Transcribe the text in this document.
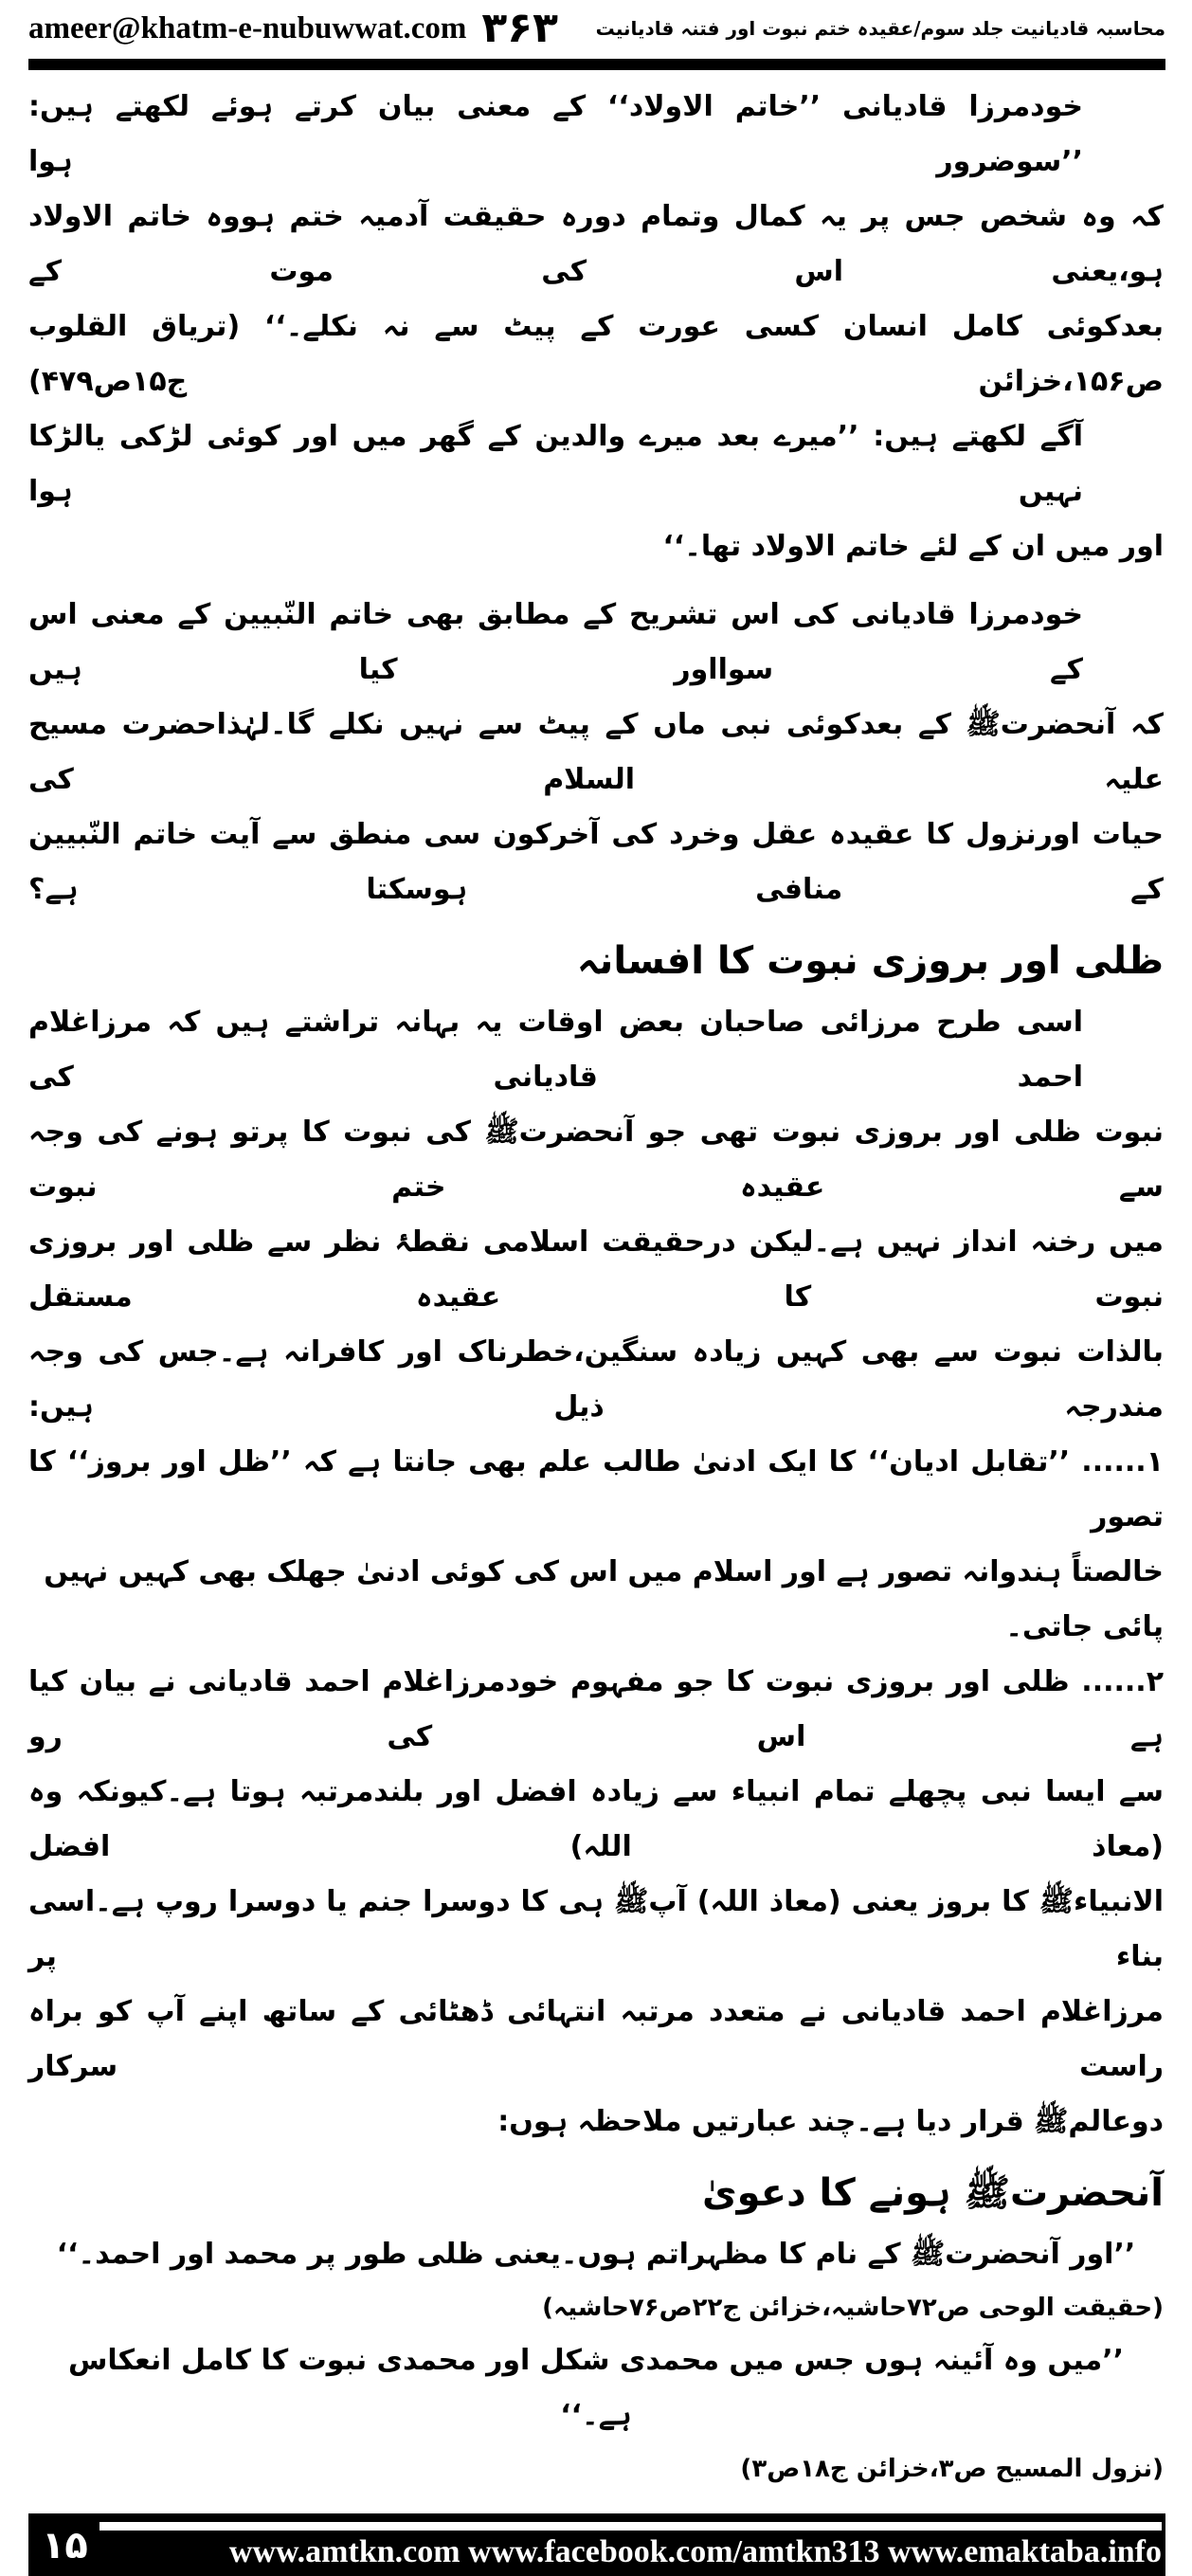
ameer@khatm-e-nubuwwat.com ۳۶۳	محاسبہ قادیانیت جلد سوم/عقیدہ ختم نبوت اور فتنہ قادیانیت
خودمرزا قادیانی ’’خاتم الاولاد‘‘ کے معنی بیان کرتے ہوئے لکھتے ہیں: ’’سوضرور ہوا
کہ وہ شخص جس پر یہ کمال وتمام دورہ حقیقت آدمیہ ختم ہووہ خاتم الاولاد ہو،یعنی اس کی موت کے
بعدکوئی کامل انسان کسی عورت کے پیٹ سے نہ نکلے۔‘‘ (تریاق القلوب ص۱۵۶،خزائن ج۱۵ص۴۷۹)
آگے لکھتے ہیں: ’’میرے بعد میرے والدین کے گھر میں اور کوئی لڑکی یالڑکا نہیں ہوا
اور میں ان کے لئے خاتم الاولاد تھا۔‘‘
خودمرزا قادیانی کی اس تشریح کے مطابق بھی خاتم النّبیین کے معنی اس کے سوااور کیا ہیں
کہ آنحضرتﷺ کے بعدکوئی نبی ماں کے پیٹ سے نہیں نکلے گا۔لہٰذاحضرت مسیح علیہ السلام کی
حیات اورنزول کا عقیدہ عقل وخرد کی آخرکون سی منطق سے آیت خاتم النّبیین کے منافی ہوسکتا ہے؟
ظلی اور بروزی نبوت کا افسانہ
اسی طرح مرزائی صاحبان بعض اوقات یہ بہانہ تراشتے ہیں کہ مرزاغلام احمد قادیانی کی
نبوت ظلی اور بروزی نبوت تھی جو آنحضرتﷺ کی نبوت کا پرتو ہونے کی وجہ سے عقیدہ ختم نبوت
میں رخنہ انداز نہیں ہے۔لیکن درحقیقت اسلامی نقطۂ نظر سے ظلی اور بروزی نبوت کا عقیدہ مستقل
بالذات نبوت سے بھی کہیں زیادہ سنگین،خطرناک اور کافرانہ ہے۔جس کی وجہ مندرجہ ذیل ہیں:
۱...... ’’تقابل ادیان‘‘ کا ایک ادنیٰ طالب علم بھی جانتا ہے کہ ’’ظل اور بروز‘‘ کا تصور
خالصتاً ہندوانہ تصور ہے اور اسلام میں اس کی کوئی ادنیٰ جھلک بھی کہیں نہیں پائی جاتی۔
۲...... ظلی اور بروزی نبوت کا جو مفہوم خودمرزاغلام احمد قادیانی نے بیان کیا ہے اس کی رو
سے ایسا نبی پچھلے تمام انبیاء سے زیادہ افضل اور بلندمرتبہ ہوتا ہے۔کیونکہ وہ (معاذ اللہ) افضل
الانبیاءﷺ کا بروز یعنی (معاذ اللہ) آپﷺ ہی کا دوسرا جنم یا دوسرا روپ ہے۔اسی بناء پر
مرزاغلام احمد قادیانی نے متعدد مرتبہ انتہائی ڈھٹائی کے ساتھ اپنے آپ کو براہ راست سرکار
دوعالمﷺ قرار دیا ہے۔چند عبارتیں ملاحظہ ہوں:
آنحضرتﷺ ہونے کا دعویٰ
’’اور آنحضرتﷺ کے نام کا مظہراتم ہوں۔یعنی ظلی طور پر محمد اور احمد۔‘‘
(حقیقت الوحی ص۷۲حاشیہ،خزائن ج۲۲ص۷۶حاشیہ)
’’میں وہ آئینہ ہوں جس میں محمدی شکل اور محمدی نبوت کا کامل انعکاس ہے۔‘‘
(نزول المسیح ص۳،خزائن ج۱۸ص۳)
۱۵	www.amtkn.com www.facebook.com/amtkn313 www.emaktaba.info
